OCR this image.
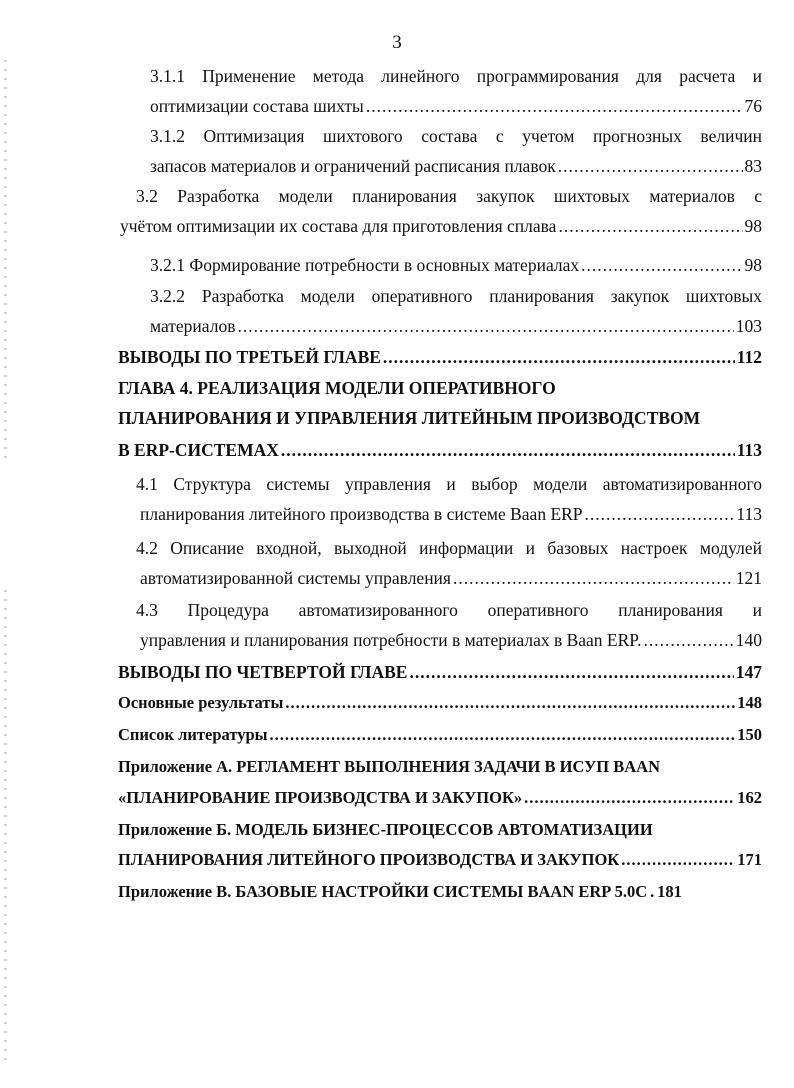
3
3.1.1 Применение метода линейного программирования для расчета и
оптимизации состава шихты .....	76
3.1.2 Оптимизация шихтового состава с учетом прогнозных величин
запасов материалов и ограничений расписания плавок .....	83
3.2 Разработка модели планирования закупок шихтовых материалов с
учётом оптимизации их состава для приготовления сплава .....	98
3.2.1 Формирование потребности в основных материалах .....	98
3.2.2 Разработка модели оперативного планирования закупок шихтовых
материалов .....	103
ВЫВОДЫ ПО ТРЕТЬЕЙ ГЛАВЕ .....	112
ГЛАВА 4. РЕАЛИЗАЦИЯ МОДЕЛИ ОПЕРАТИВНОГО
ПЛАНИРОВАНИЯ И УПРАВЛЕНИЯ ЛИТЕЙНЫМ ПРОИЗВОДСТВОМ
В ERP-СИСТЕМАХ .....	113
4.1 Структура системы управления и выбор модели автоматизированного
планирования литейного производства в системе Baan ERP .....	113
4.2 Описание входной, выходной информации и базовых настроек модулей
автоматизированной системы управления .....	121
4.3 Процедура автоматизированного оперативного планирования и
управления и планирования потребности в материалах в Baan ERP. .....	140
ВЫВОДЫ ПО ЧЕТВЕРТОЙ ГЛАВЕ .....	147
Основные результаты .....	148
Список литературы .....	150
Приложение А. РЕГЛАМЕНТ ВЫПОЛНЕНИЯ ЗАДАЧИ В ИСУП BAAN
«ПЛАНИРОВАНИЕ ПРОИЗВОДСТВА И ЗАКУПОК» .....	162
Приложение Б. МОДЕЛЬ БИЗНЕС-ПРОЦЕССОВ АВТОМАТИЗАЦИИ
ПЛАНИРОВАНИЯ ЛИТЕЙНОГО ПРОИЗВОДСТВА И ЗАКУПОК .....	171
Приложение В. БАЗОВЫЕ НАСТРОЙКИ СИСТЕМЫ BAAN ERP 5.0C ..... 181
